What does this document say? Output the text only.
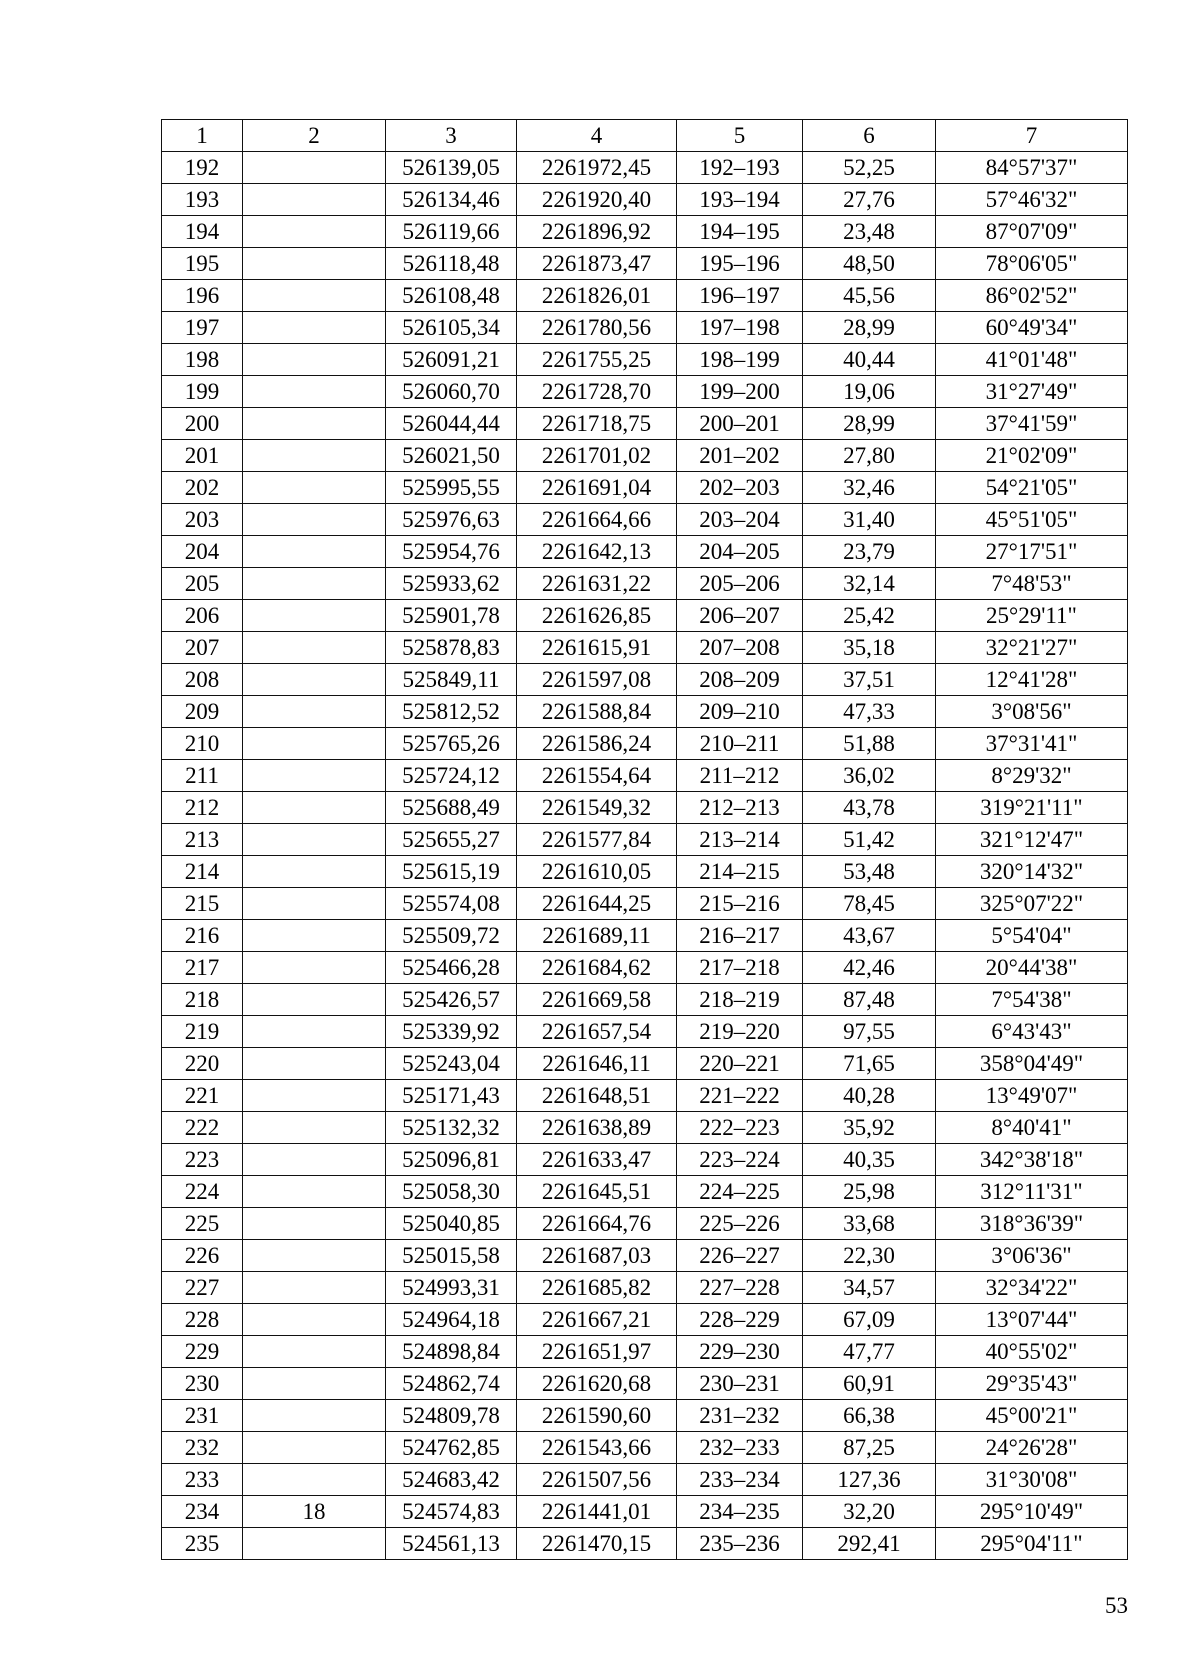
1	2	3	4	5	6	7
192		526139,05	2261972,45	192–193	52,25	84°57'37"
193		526134,46	2261920,40	193–194	27,76	57°46'32"
194		526119,66	2261896,92	194–195	23,48	87°07'09"
195		526118,48	2261873,47	195–196	48,50	78°06'05"
196		526108,48	2261826,01	196–197	45,56	86°02'52"
197		526105,34	2261780,56	197–198	28,99	60°49'34"
198		526091,21	2261755,25	198–199	40,44	41°01'48"
199		526060,70	2261728,70	199–200	19,06	31°27'49"
200		526044,44	2261718,75	200–201	28,99	37°41'59"
201		526021,50	2261701,02	201–202	27,80	21°02'09"
202		525995,55	2261691,04	202–203	32,46	54°21'05"
203		525976,63	2261664,66	203–204	31,40	45°51'05"
204		525954,76	2261642,13	204–205	23,79	27°17'51"
205		525933,62	2261631,22	205–206	32,14	7°48'53"
206		525901,78	2261626,85	206–207	25,42	25°29'11"
207		525878,83	2261615,91	207–208	35,18	32°21'27"
208		525849,11	2261597,08	208–209	37,51	12°41'28"
209		525812,52	2261588,84	209–210	47,33	3°08'56"
210		525765,26	2261586,24	210–211	51,88	37°31'41"
211		525724,12	2261554,64	211–212	36,02	8°29'32"
212		525688,49	2261549,32	212–213	43,78	319°21'11"
213		525655,27	2261577,84	213–214	51,42	321°12'47"
214		525615,19	2261610,05	214–215	53,48	320°14'32"
215		525574,08	2261644,25	215–216	78,45	325°07'22"
216		525509,72	2261689,11	216–217	43,67	5°54'04"
217		525466,28	2261684,62	217–218	42,46	20°44'38"
218		525426,57	2261669,58	218–219	87,48	7°54'38"
219		525339,92	2261657,54	219–220	97,55	6°43'43"
220		525243,04	2261646,11	220–221	71,65	358°04'49"
221		525171,43	2261648,51	221–222	40,28	13°49'07"
222		525132,32	2261638,89	222–223	35,92	8°40'41"
223		525096,81	2261633,47	223–224	40,35	342°38'18"
224		525058,30	2261645,51	224–225	25,98	312°11'31"
225		525040,85	2261664,76	225–226	33,68	318°36'39"
226		525015,58	2261687,03	226–227	22,30	3°06'36"
227		524993,31	2261685,82	227–228	34,57	32°34'22"
228		524964,18	2261667,21	228–229	67,09	13°07'44"
229		524898,84	2261651,97	229–230	47,77	40°55'02"
230		524862,74	2261620,68	230–231	60,91	29°35'43"
231		524809,78	2261590,60	231–232	66,38	45°00'21"
232		524762,85	2261543,66	232–233	87,25	24°26'28"
233		524683,42	2261507,56	233–234	127,36	31°30'08"
234	18	524574,83	2261441,01	234–235	32,20	295°10'49"
235		524561,13	2261470,15	235–236	292,41	295°04'11"
53
